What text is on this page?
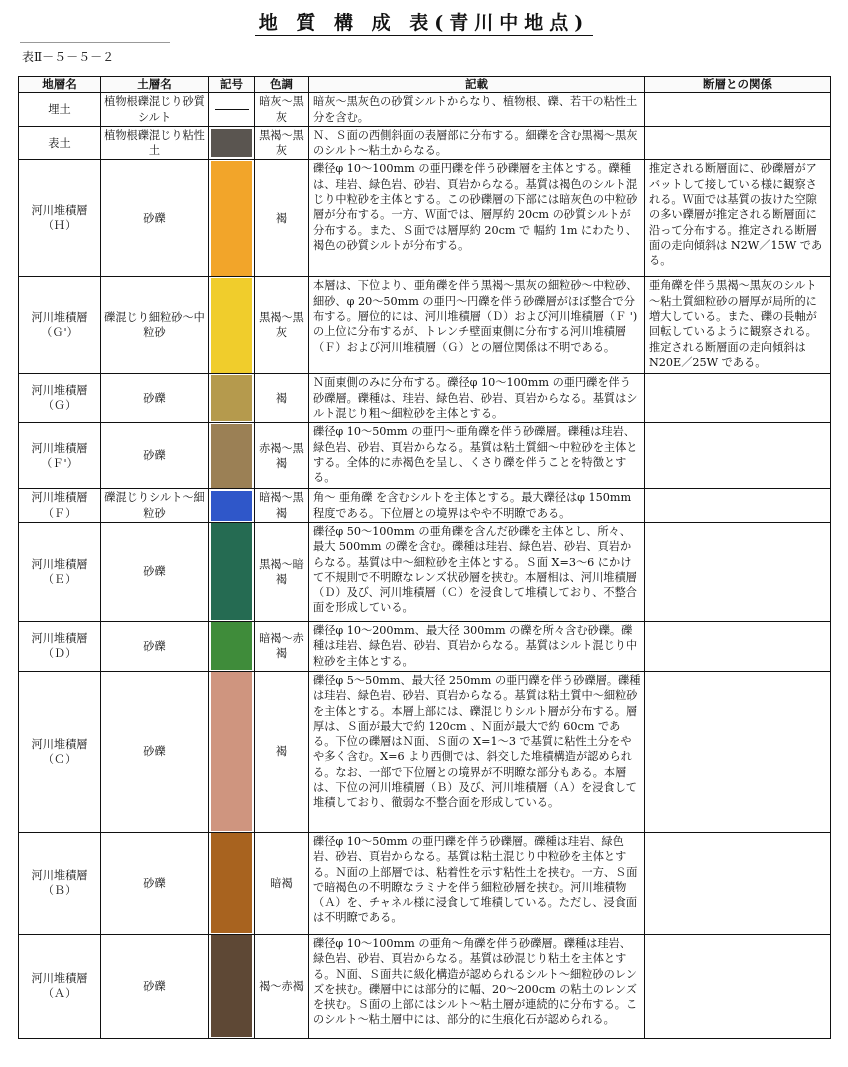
地 質 構 成 表(青川中地点)
表Ⅱ－５－５－２
地層名	土層名	記号	色調	記載	断層との関係
埋土	植物根礫混じり砂質シルト		暗灰～黒灰	暗灰～黒灰色の砂質シルトからなり、植物根、礫、若干の粘性土分を含む。	
表土	植物根礫混じり粘性土		黒褐～黒灰	Ｎ、Ｓ面の西側斜面の表層部に分布する。細礫を含む黒褐～黒灰のシルト～粘土からなる。	
河川堆積層（Ｈ）	砂礫		褐	礫径φ 10～100mm の亜円礫を伴う砂礫層を主体とする。礫種は、珪岩、緑色岩、砂岩、頁岩からなる。基質は褐色のシルト混じり中粒砂を主体とする。この砂礫層の下部には暗灰色の中粒砂層が分布する。一方、Ｗ面では、層厚約 20cm の砂質シルトが分布する。また、Ｓ面では層厚約 20cm で 幅約 1m にわたり、褐色の砂質シルトが分布する。	推定される断層面に、砂礫層がアバットして接している様に観察される。Ｗ面では基質の抜けた空隙の多い礫層が推定される断層面に沿って分布する。推定される断層面の走向傾斜は N2W／15W である。
河川堆積層（Ｇ'）	礫混じり細粒砂～中粒砂		黒褐～黒灰	本層は、下位より、亜角礫を伴う黒褐～黒灰の細粒砂～中粒砂、細砂、φ 20～50mm の亜円～円礫を伴う砂礫層がほぼ整合で分布する。層位的には、河川堆積層（Ｄ）および河川堆積層（Ｆ ')の上位に分布するが、トレンチ壁面東側に分布する河川堆積層（Ｆ）および河川堆積層（Ｇ）との層位関係は不明である。	亜角礫を伴う黒褐～黒灰のシルト～粘土質細粒砂の層厚が局所的に増大している。また、礫の長軸が回転しているように観察される。推定される断層面の走向傾斜は N20E／25W である。
河川堆積層（Ｇ）	砂礫		褐	Ｎ面東側のみに分布する。礫径φ 10～100mm の亜円礫を伴う砂礫層。礫種は、珪岩、緑色岩、砂岩、頁岩からなる。基質はシルト混じり粗～細粒砂を主体とする。	
河川堆積層（Ｆ'）	砂礫		赤褐～黒褐	礫径φ 10～50mm の亜円～亜角礫を伴う砂礫層。礫種は珪岩、緑色岩、砂岩、頁岩からなる。基質は粘土質細～中粒砂を主体とする。全体的に赤褐色を呈し、くさり礫を伴うことを特徴とする。	
河川堆積層（Ｆ）	礫混じりシルト～細粒砂		暗褐～黒褐	角～ 亜角礫 を含むシルトを主体とする。最大礫径はφ 150mm 程度である。下位層との境界はやや不明瞭である。	
河川堆積層（Ｅ）	砂礫		黒褐～暗褐	礫径φ 50～100mm の亜角礫を含んだ砂礫を主体とし、所々、最大 500mm の礫を含む。礫種は珪岩、緑色岩、砂岩、頁岩からなる。基質は中～細粒砂を主体とする。Ｓ面 X=3～6 にかけて不規則で不明瞭なレンズ状砂層を挟む。本層相は、河川堆積層（Ｄ）及び、河川堆積層（Ｃ）を浸食して堆積しており、不整合面を形成している。	
河川堆積層（Ｄ）	砂礫		暗褐～赤褐	礫径φ 10～200mm、最大径 300mm の礫を所々含む砂礫。礫種は珪岩、緑色岩、砂岩、頁岩からなる。基質はシルト混じり中粒砂を主体とする。	
河川堆積層（Ｃ）	砂礫		褐	礫径φ 5～50mm、最大径 250mm の亜円礫を伴う砂礫層。礫種は珪岩、緑色岩、砂岩、頁岩からなる。基質は粘土質中～細粒砂を主体とする。本層上部には、礫混じりシルト層が分布する。層厚は、Ｓ面が最大で約 120cm 、Ｎ面が最大で約 60cm である。下位の礫層はＮ面、Ｓ面の X=1～3 で基質に粘性土分をやや多く含む。X=6 より西側では、斜交した堆積構造が認められる。なお、一部で下位層との境界が不明瞭な部分もある。本層は、下位の河川堆積層（Ｂ）及び、河川堆積層（Ａ）を浸食して堆積しており、徹弱な不整合面を形成している。	
河川堆積層（Ｂ）	砂礫		暗褐	礫径φ 10～50mm の亜円礫を伴う砂礫層。礫種は珪岩、緑色岩、砂岩、頁岩からなる。基質は粘土混じり中粒砂を主体とする。Ｎ面の上部層では、粘着性を示す粘性土を挟む。一方、Ｓ面で暗褐色の不明瞭なラミナを伴う細粒砂層を挟む。河川堆積物（Ａ）を、チャネル様に浸食して堆積している。ただし、浸食面は不明瞭である。	
河川堆積層（Ａ）	砂礫		褐～赤褐	礫径φ 10～100mm の亜角～角礫を伴う砂礫層。礫種は珪岩、緑色岩、砂岩、頁岩からなる。基質は砂混じり粘土を主体とする。Ｎ面、Ｓ面共に級化構造が認められるシルト～細粒砂のレンズを挟む。礫層中には部分的に幅、20～200cm の粘土のレンズを挟む。Ｓ面の上部にはシルト～粘土層が連続的に分布する。このシルト～粘土層中には、部分的に生痕化石が認められる。	
